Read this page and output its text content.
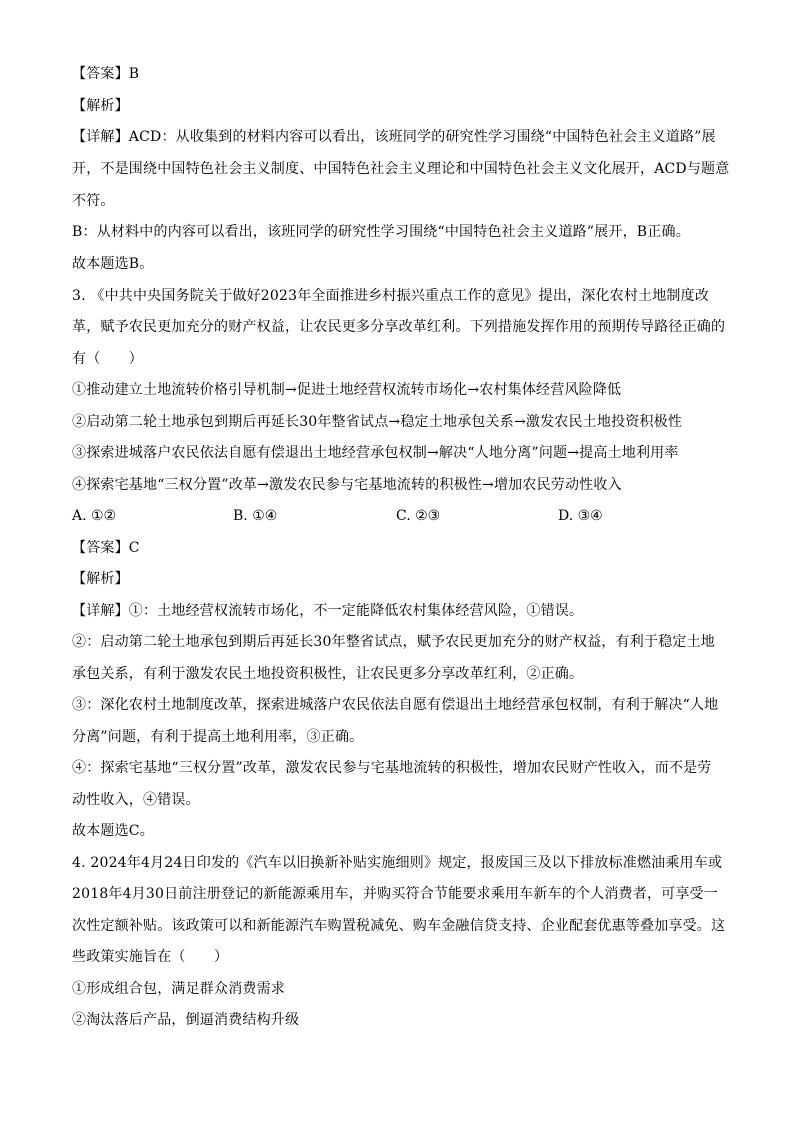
【答案】B
【解析】
【详解】ACD：从收集到的材料内容可以看出，该班同学的研究性学习围绕“中国特色社会主义道路”展
开，不是围绕中国特色社会主义制度、中国特色社会主义理论和中国特色社会主义文化展开，ACD与题意
不符。
B：从材料中的内容可以看出，该班同学的研究性学习围绕“中国特色社会主义道路”展开，B正确。
故本题选B。
3. 《中共中央国务院关于做好2023年全面推进乡村振兴重点工作的意见》提出，深化农村土地制度改
革，赋予农民更加充分的财产权益，让农民更多分享改革红利。下列措施发挥作用的预期传导路径正确的
有（　　）
①推动建立土地流转价格引导机制→促进土地经营权流转市场化→农村集体经营风险降低
②启动第二轮土地承包到期后再延长30年整省试点→稳定土地承包关系→激发农民土地投资积极性
③探索进城落户农民依法自愿有偿退出土地经营承包权制→解决“人地分离”问题→提高土地利用率
④探索宅基地“三权分置”改革→激发农民参与宅基地流转的积极性→增加农民劳动性收入
A. ①②	B. ①④	C. ②③	D. ③④
【答案】C
【解析】
【详解】①：土地经营权流转市场化，不一定能降低农村集体经营风险，①错误。
②：启动第二轮土地承包到期后再延长30年整省试点，赋予农民更加充分的财产权益，有利于稳定土地
承包关系，有利于激发农民土地投资积极性，让农民更多分享改革红利，②正确。
③：深化农村土地制度改革，探索进城落户农民依法自愿有偿退出土地经营承包权制，有利于解决“人地
分离”问题，有利于提高土地利用率，③正确。
④：探索宅基地“三权分置”改革，激发农民参与宅基地流转的积极性，增加农民财产性收入，而不是劳
动性收入，④错误。
故本题选C。
4. 2024年4月24日印发的《汽车以旧换新补贴实施细则》规定，报废国三及以下排放标准燃油乘用车或
2018年4月30日前注册登记的新能源乘用车，并购买符合节能要求乘用车新车的个人消费者，可享受一
次性定额补贴。该政策可以和新能源汽车购置税减免、购车金融信贷支持、企业配套优惠等叠加享受。这
些政策实施旨在（　　）
①形成组合包，满足群众消费需求
②淘汰落后产品，倒逼消费结构升级
